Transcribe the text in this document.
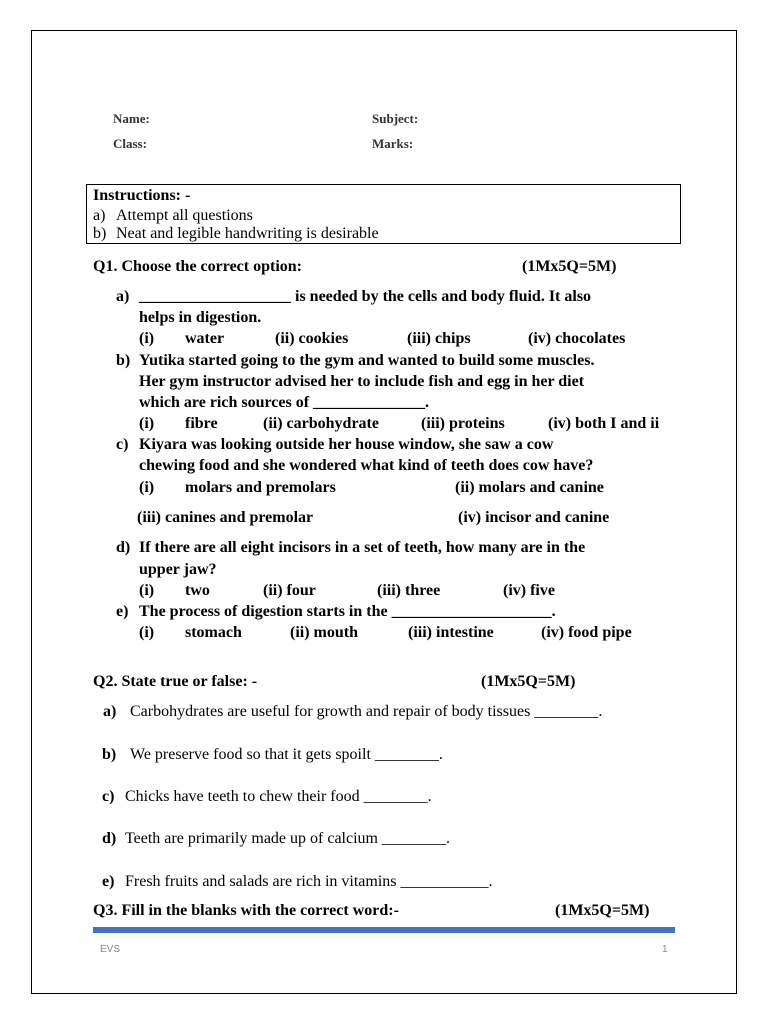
Name:	Subject:
Class:	Marks:
Instructions: -
a) Attempt all questions
b) Neat and legible handwriting is desirable
Q1. Choose the correct option:	(1Mx5Q=5M)
a) ___________________ is needed by the cells and body fluid. It also
helps in digestion.
(i) water	(ii) cookies	(iii) chips	(iv) chocolates
b) Yutika started going to the gym and wanted to build some muscles.
Her gym instructor advised her to include fish and egg in her diet
which are rich sources of ______________.
(i) fibre	(ii) carbohydrate	(iii) proteins	(iv) both I and ii
c) Kiyara was looking outside her house window, she saw a cow
chewing food and she wondered what kind of teeth does cow have?
(i) molars and premolars	(ii) molars and canine
(iii) canines and premolar	(iv) incisor and canine
d) If there are all eight incisors in a set of teeth, how many are in the
upper jaw?
(i) two	(ii) four	(iii) three	(iv) five
e) The process of digestion starts in the ____________________.
(i) stomach	(ii) mouth	(iii) intestine	(iv) food pipe
Q2. State true or false: -	(1Mx5Q=5M)
a) Carbohydrates are useful for growth and repair of body tissues ________.
b) We preserve food so that it gets spoilt ________.
c) Chicks have teeth to chew their food ________.
d) Teeth are primarily made up of calcium ________.
e) Fresh fruits and salads are rich in vitamins ___________.
Q3. Fill in the blanks with the correct word:-	(1Mx5Q=5M)
EVS	1
